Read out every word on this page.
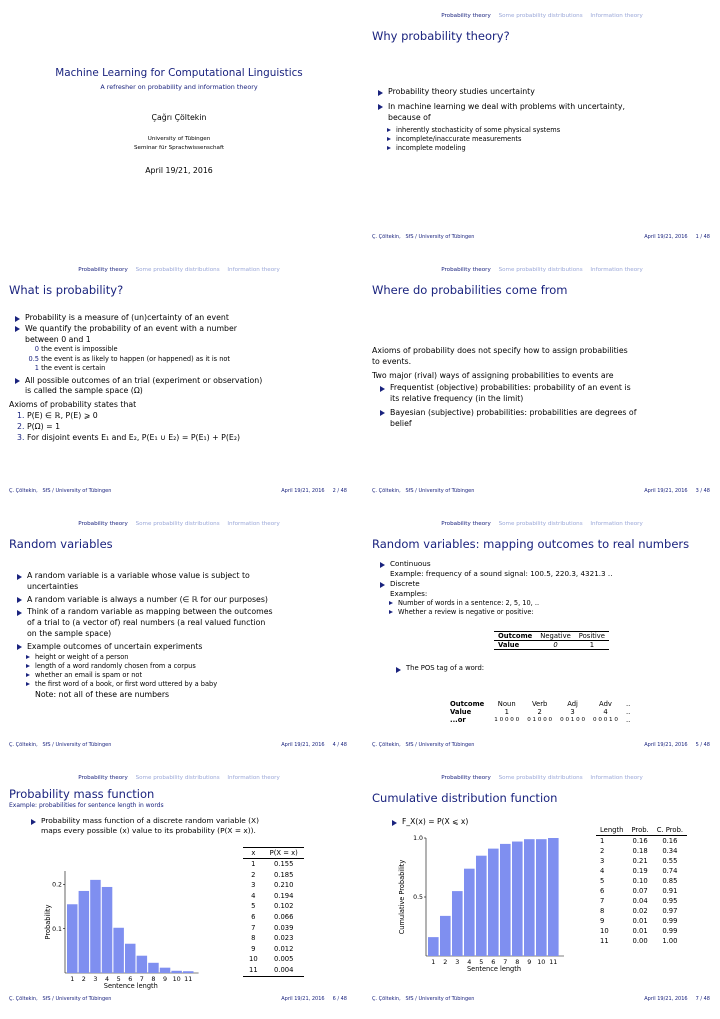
Machine Learning for Computational Linguistics
A refresher on probability and information theory
Çağrı Çöltekin
University of Tübingen
Seminar für Sprachwissenschaft
April 19/21, 2016
Probability theory Some probability distributions Information theory
Why probability theory?
Probability theory studies uncertainty
In machine learning we deal with problems with uncertainty,
because of
inherently stochasticity of some physical systems
incomplete/inaccurate measurements
incomplete modeling
Ç. Çöltekin, SfS / University of Tübingen	April 19/21, 2016 1 / 48
Probability theory Some probability distributions Information theory
What is probability?
Probability is a measure of (un)certainty of an event
We quantify the probability of an event with a number
between 0 and 1
0 the event is impossible
0.5 the event is as likely to happen (or happened) as it is not
1 the event is certain
All possible outcomes of an trial (experiment or observation)
is called the sample space (Ω)
Axioms of probability states that
1. P(E) ∈ ℝ, P(E) ⩾ 0
2. P(Ω) = 1
3. For disjoint events E₁ and E₂, P(E₁ ∪ E₂) = P(E₁) + P(E₂)
Ç. Çöltekin, SfS / University of Tübingen	April 19/21, 2016 2 / 48
Probability theory Some probability distributions Information theory
Where do probabilities come from
Axioms of probability does not specify how to assign probabilities
to events.
Two major (rival) ways of assigning probabilities to events are
Frequentist (objective) probabilities: probability of an event is
its relative frequency (in the limit)
Bayesian (subjective) probabilities: probabilities are degrees of
belief
Ç. Çöltekin, SfS / University of Tübingen	April 19/21, 2016 3 / 48
Probability theory Some probability distributions Information theory
Random variables
A random variable is a variable whose value is subject to
uncertainties
A random variable is always a number (∈ ℝ for our purposes)
Think of a random variable as mapping between the outcomes
of a trial to (a vector of) real numbers (a real valued function
on the sample space)
Example outcomes of uncertain experiments
height or weight of a person
length of a word randomly chosen from a corpus
whether an email is spam or not
the first word of a book, or first word uttered by a baby
Note: not all of these are numbers
Ç. Çöltekin, SfS / University of Tübingen	April 19/21, 2016 4 / 48
Probability theory Some probability distributions Information theory
Random variables: mapping outcomes to real numbers
Continuous
Example: frequency of a sound signal: 100.5, 220.3, 4321.3 ..
Discrete
Examples:
Number of words in a sentence: 2, 5, 10, ..
Whether a review is negative or positive:
Outcome	Negative	Positive
Value	0	1
The POS tag of a word:
Outcome	Noun	Verb	Adj	Adv	..
Value	1	2	3	4	..
...or	1 0 0 0 0	0 1 0 0 0	0 0 1 0 0	0 0 0 1 0	..
Ç. Çöltekin, SfS / University of Tübingen	April 19/21, 2016 5 / 48
Probability theory Some probability distributions Information theory
Probability mass function
Example: probabilities for sentence length in words
Probability mass function of a discrete random variable (X)
maps every possible (x) value to its probability (P(X = x)).
1 2 3 4 5 6 7 8 9 10 11
0.1
0.2
Sentence length
Probability
x	P(X = x)
1	0.155
2	0.185
3	0.210
4	0.194
5	0.102
6	0.066
7	0.039
8	0.023
9	0.012
10	0.005
11	0.004
Ç. Çöltekin, SfS / University of Tübingen	April 19/21, 2016 6 / 48
Probability theory Some probability distributions Information theory
Cumulative distribution function
F_X(x) = P(X ⩽ x)
1 2 3 4 5 6 7 8 9 10 11
0.5
1.0
Sentence length
Cumulative Probability
Length	Prob.	C. Prob.
1	0.16	0.16
2	0.18	0.34
3	0.21	0.55
4	0.19	0.74
5	0.10	0.85
6	0.07	0.91
7	0.04	0.95
8	0.02	0.97
9	0.01	0.99
10	0.01	0.99
11	0.00	1.00
Ç. Çöltekin, SfS / University of Tübingen	April 19/21, 2016 7 / 48
